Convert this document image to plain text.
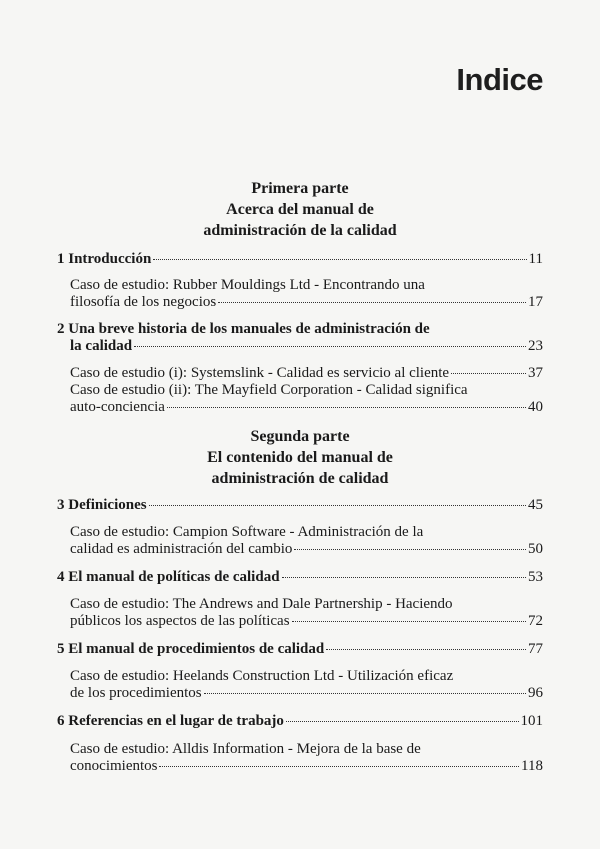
Indice
Primera parte
Acerca del manual de
administración de la calidad
1 Introducción	11
Caso de estudio: Rubber Mouldings Ltd - Encontrando una
filosofía de los negocios	17
2 Una breve historia de los manuales de administración de
la calidad	23
Caso de estudio (i): Systemslink - Calidad es servicio al cliente	37
Caso de estudio (ii): The Mayfield Corporation - Calidad significa
auto-conciencia	40
Segunda parte
El contenido del manual de
administración de calidad
3 Definiciones	45
Caso de estudio: Campion Software - Administración de la
calidad es administración del cambio	50
4 El manual de políticas de calidad	53
Caso de estudio: The Andrews and Dale Partnership - Haciendo
públicos los aspectos de las políticas	72
5 El manual de procedimientos de calidad	77
Caso de estudio: Heelands Construction Ltd - Utilización eficaz
de los procedimientos	96
6 Referencias en el lugar de trabajo	101
Caso de estudio: Alldis Information - Mejora de la base de
conocimientos	118
